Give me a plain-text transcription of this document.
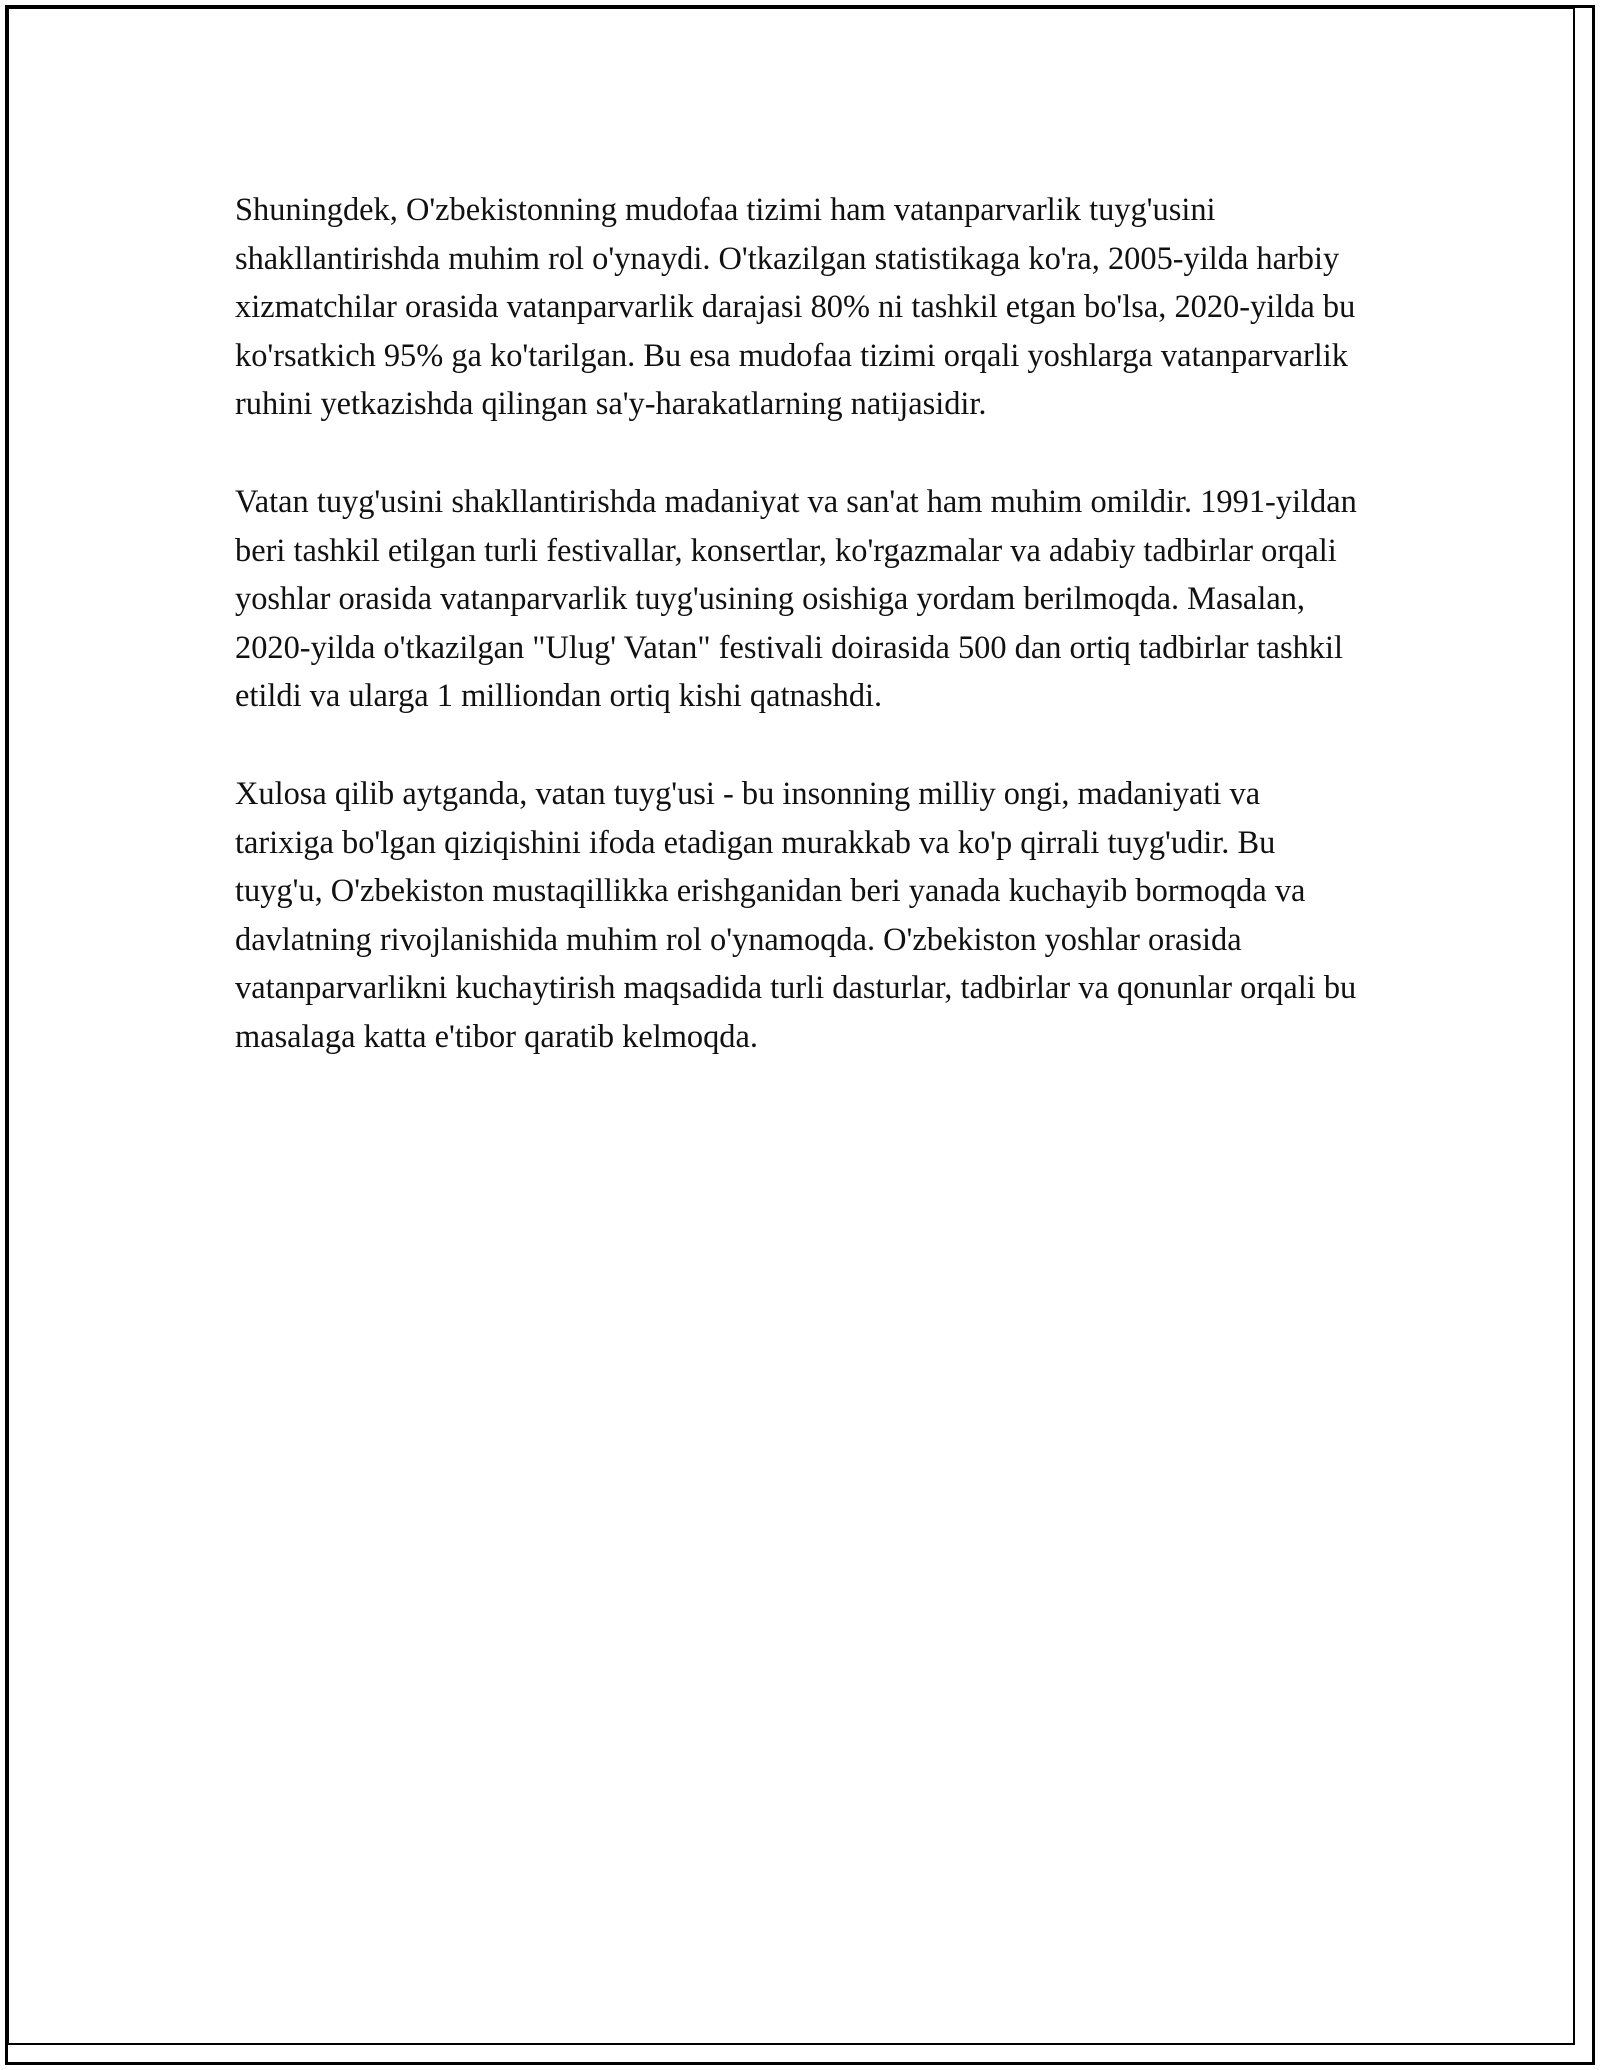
Shuningdek, O'zbekistonning mudofaa tizimi ham vatanparvarlik tuyg'usini shakllantirishda muhim rol o'ynaydi. O'tkazilgan statistikaga ko'ra, 2005-yilda harbiy xizmatchilar orasida vatanparvarlik darajasi 80% ni tashkil etgan bo'lsa, 2020-yilda bu ko'rsatkich 95% ga ko'tarilgan. Bu esa mudofaa tizimi orqali yoshlarga vatanparvarlik ruhini yetkazishda qilingan sa'y-harakatlarning natijasidir.

Vatan tuyg'usini shakllantirishda madaniyat va san'at ham muhim omildir. 1991-yildan beri tashkil etilgan turli festivallar, konsertlar, ko'rgazmalar va adabiy tadbirlar orqali yoshlar orasida vatanparvarlik tuyg'usining osishiga yordam berilmoqda. Masalan, 2020-yilda o'tkazilgan "Ulug' Vatan" festivali doirasida 500 dan ortiq tadbirlar tashkil etildi va ularga 1 milliondan ortiq kishi qatnashdi.

Xulosa qilib aytganda, vatan tuyg'usi - bu insonning milliy ongi, madaniyati va tarixiga bo'lgan qiziqishini ifoda etadigan murakkab va ko'p qirrali tuyg'udir. Bu tuyg'u, O'zbekiston mustaqillikka erishganidan beri yanada kuchayib bormoqda va davlatning rivojlanishida muhim rol o'ynamoqda. O'zbekiston yoshlar orasida vatanparvarlikni kuchaytirish maqsadida turli dasturlar, tadbirlar va qonunlar orqali bu masalaga katta e'tibor qaratib kelmoqda.
